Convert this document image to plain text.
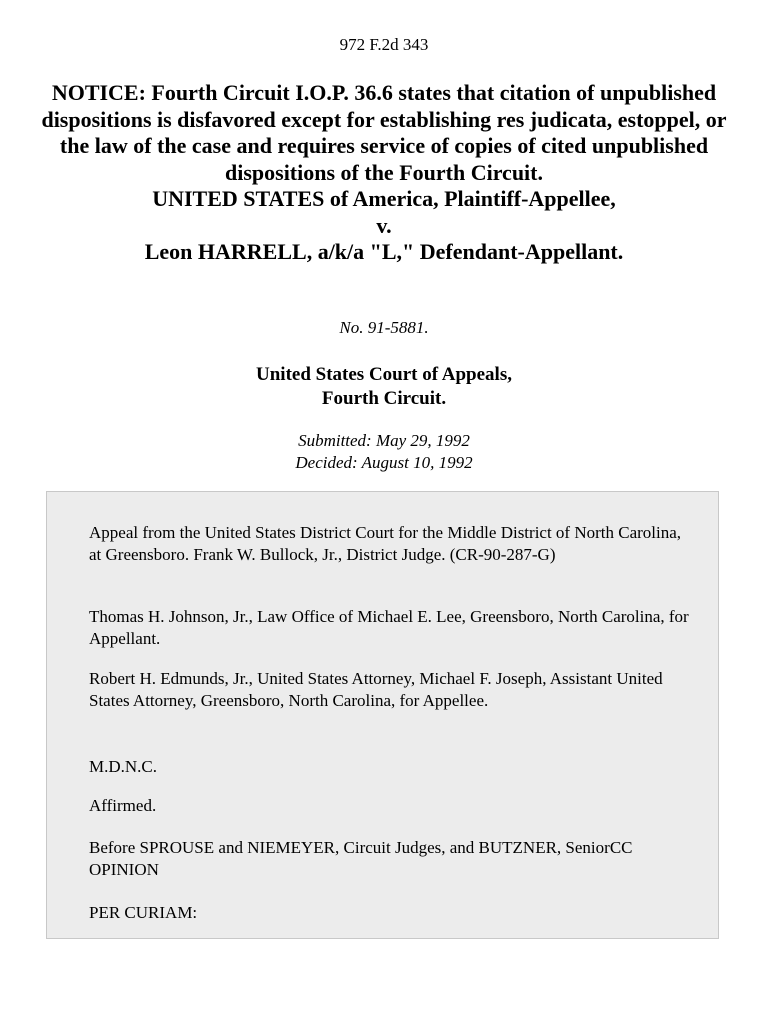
972 F.2d 343
NOTICE: Fourth Circuit I.O.P. 36.6 states that citation of unpublished dispositions is disfavored except for establishing res judicata, estoppel, or the law of the case and requires service of copies of cited unpublished dispositions of the Fourth Circuit.
UNITED STATES of America, Plaintiff-Appellee,
v.
Leon HARRELL, a/k/a "L," Defendant-Appellant.
No. 91-5881.
United States Court of Appeals,
Fourth Circuit.
Submitted: May 29, 1992
Decided: August 10, 1992
Appeal from the United States District Court for the Middle District of North Carolina, at Greensboro. Frank W. Bullock, Jr., District Judge. (CR-90-287-G)
Thomas H. Johnson, Jr., Law Office of Michael E. Lee, Greensboro, North Carolina, for Appellant.
Robert H. Edmunds, Jr., United States Attorney, Michael F. Joseph, Assistant United States Attorney, Greensboro, North Carolina, for Appellee.
M.D.N.C.
Affirmed.
Before SPROUSE and NIEMEYER, Circuit Judges, and BUTZNER, SeniorCC OPINION
PER CURIAM:
